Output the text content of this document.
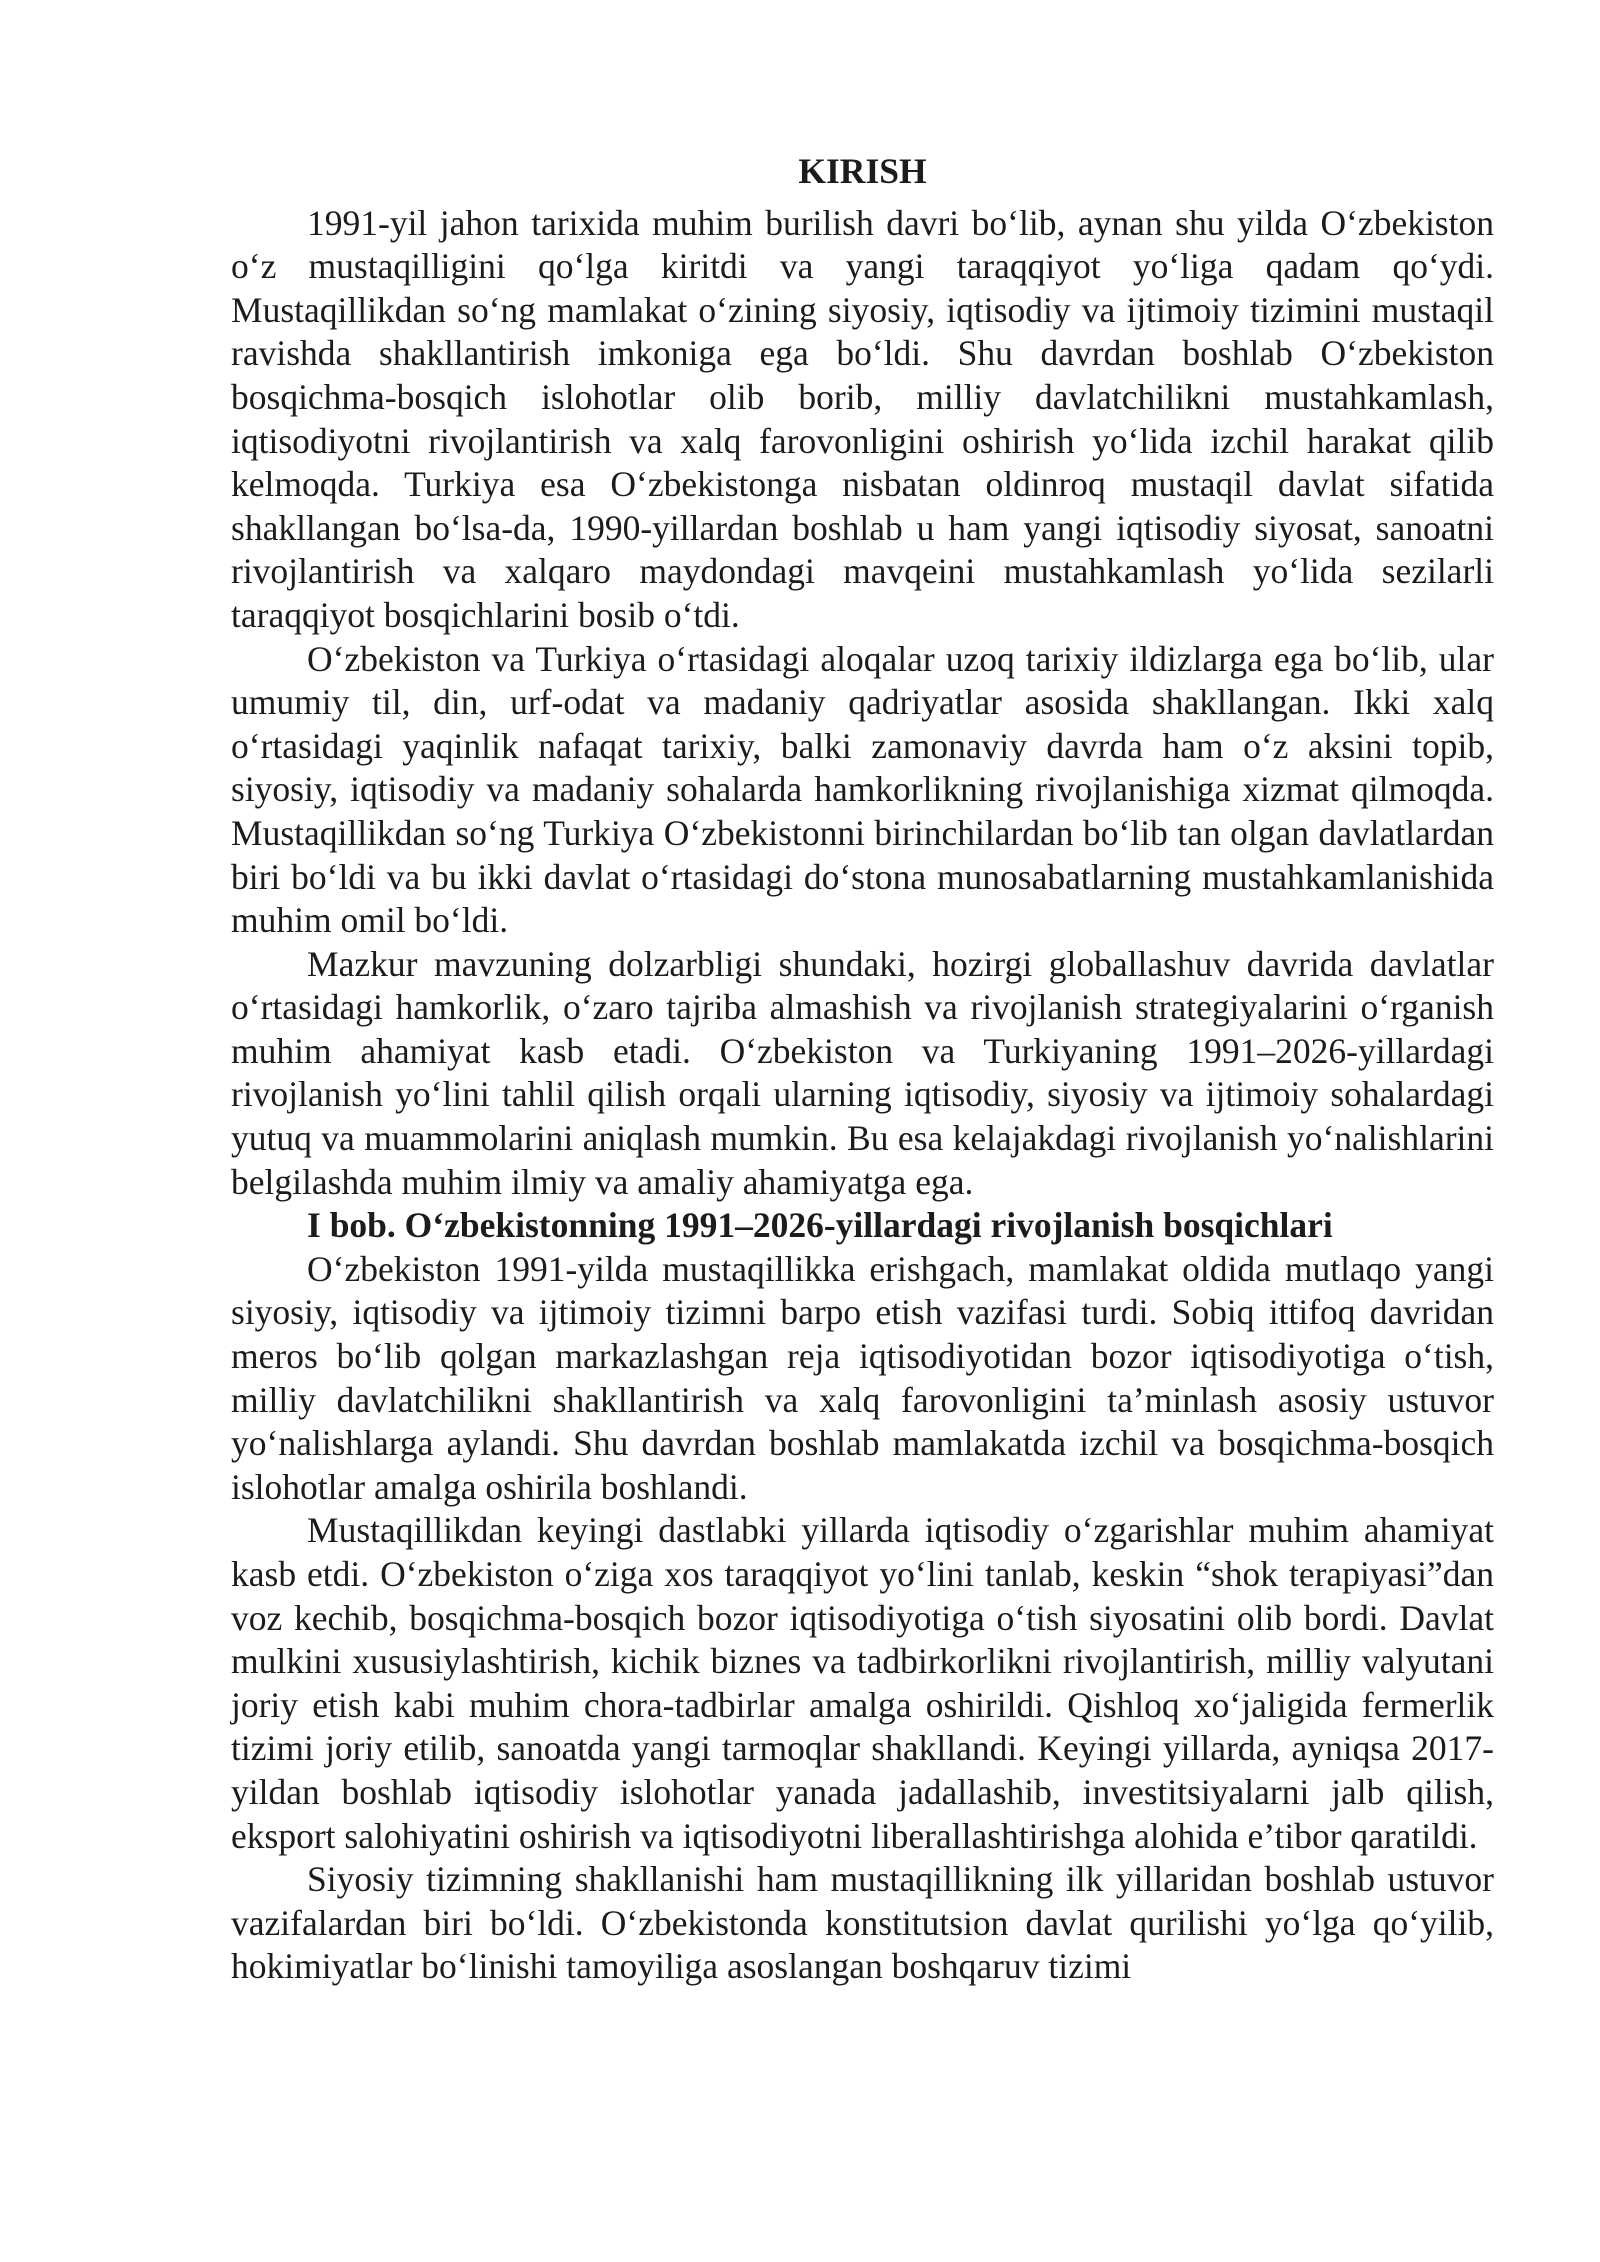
KIRISH

1991-yil jahon tarixida muhim burilish davri bo‘lib, aynan shu yilda O‘zbekiston o‘z mustaqilligini qo‘lga kiritdi va yangi taraqqiyot yo‘liga qadam qo‘ydi. Mustaqillikdan so‘ng mamlakat o‘zining siyosiy, iqtisodiy va ijtimoiy tizimini mustaqil ravishda shakllantirish imkoniga ega bo‘ldi. Shu davrdan boshlab O‘zbekiston bosqichma-bosqich islohotlar olib borib, milliy davlatchilikni mustahkamlash, iqtisodiyotni rivojlantirish va xalq farovonligini oshirish yo‘lida izchil harakat qilib kelmoqda. Turkiya esa O‘zbekistonga nisbatan oldinroq mustaqil davlat sifatida shakllangan bo‘lsa-da, 1990-yillardan boshlab u ham yangi iqtisodiy siyosat, sanoatni rivojlantirish va xalqaro maydondagi mavqeini mustahkamlash yo‘lida sezilarli taraqqiyot bosqichlarini bosib o‘tdi.

O‘zbekiston va Turkiya o‘rtasidagi aloqalar uzoq tarixiy ildizlarga ega bo‘lib, ular umumiy til, din, urf-odat va madaniy qadriyatlar asosida shakllangan. Ikki xalq o‘rtasidagi yaqinlik nafaqat tarixiy, balki zamonaviy davrda ham o‘z aksini topib, siyosiy, iqtisodiy va madaniy sohalarda hamkorlikning rivojlanishiga xizmat qilmoqda. Mustaqillikdan so‘ng Turkiya O‘zbekistonni birinchilardan bo‘lib tan olgan davlatlardan biri bo‘ldi va bu ikki davlat o‘rtasidagi do‘stona munosabatlarning mustahkamlanishida muhim omil bo‘ldi.

Mazkur mavzuning dolzarbligi shundaki, hozirgi globallashuv davrida davlatlar o‘rtasidagi hamkorlik, o‘zaro tajriba almashish va rivojlanish strategiyalarini o‘rganish muhim ahamiyat kasb etadi. O‘zbekiston va Turkiyaning 1991–2026-yillardagi rivojlanish yo‘lini tahlil qilish orqali ularning iqtisodiy, siyosiy va ijtimoiy sohalardagi yutuq va muammolarini aniqlash mumkin. Bu esa kelajakdagi rivojlanish yo‘nalishlarini belgilashda muhim ilmiy va amaliy ahamiyatga ega.

I bob. O‘zbekistonning 1991–2026-yillardagi rivojlanish bosqichlari

O‘zbekiston 1991-yilda mustaqillikka erishgach, mamlakat oldida mutlaqo yangi siyosiy, iqtisodiy va ijtimoiy tizimni barpo etish vazifasi turdi. Sobiq ittifoq davridan meros bo‘lib qolgan markazlashgan reja iqtisodiyotidan bozor iqtisodiyotiga o‘tish, milliy davlatchilikni shakllantirish va xalq farovonligini ta’minlash asosiy ustuvor yo‘nalishlarga aylandi. Shu davrdan boshlab mamlakatda izchil va bosqichma-bosqich islohotlar amalga oshirila boshlandi.

Mustaqillikdan keyingi dastlabki yillarda iqtisodiy o‘zgarishlar muhim ahamiyat kasb etdi. O‘zbekiston o‘ziga xos taraqqiyot yo‘lini tanlab, keskin “shok terapiyasi”dan voz kechib, bosqichma-bosqich bozor iqtisodiyotiga o‘tish siyosatini olib bordi. Davlat mulkini xususiylashtirish, kichik biznes va tadbirkorlikni rivojlantirish, milliy valyutani joriy etish kabi muhim chora-tadbirlar amalga oshirildi. Qishloq xo‘jaligida fermerlik tizimi joriy etilib, sanoatda yangi tarmoqlar shakllandi. Keyingi yillarda, ayniqsa 2017-yildan boshlab iqtisodiy islohotlar yanada jadallashib, investitsiyalarni jalb qilish, eksport salohiyatini oshirish va iqtisodiyotni liberallashtirishga alohida e’tibor qaratildi.

Siyosiy tizimning shakllanishi ham mustaqillikning ilk yillaridan boshlab ustuvor vazifalardan biri bo‘ldi. O‘zbekistonda konstitutsion davlat qurilishi yo‘lga qo‘yilib, hokimiyatlar bo‘linishi tamoyiliga asoslangan boshqaruv tizimi
